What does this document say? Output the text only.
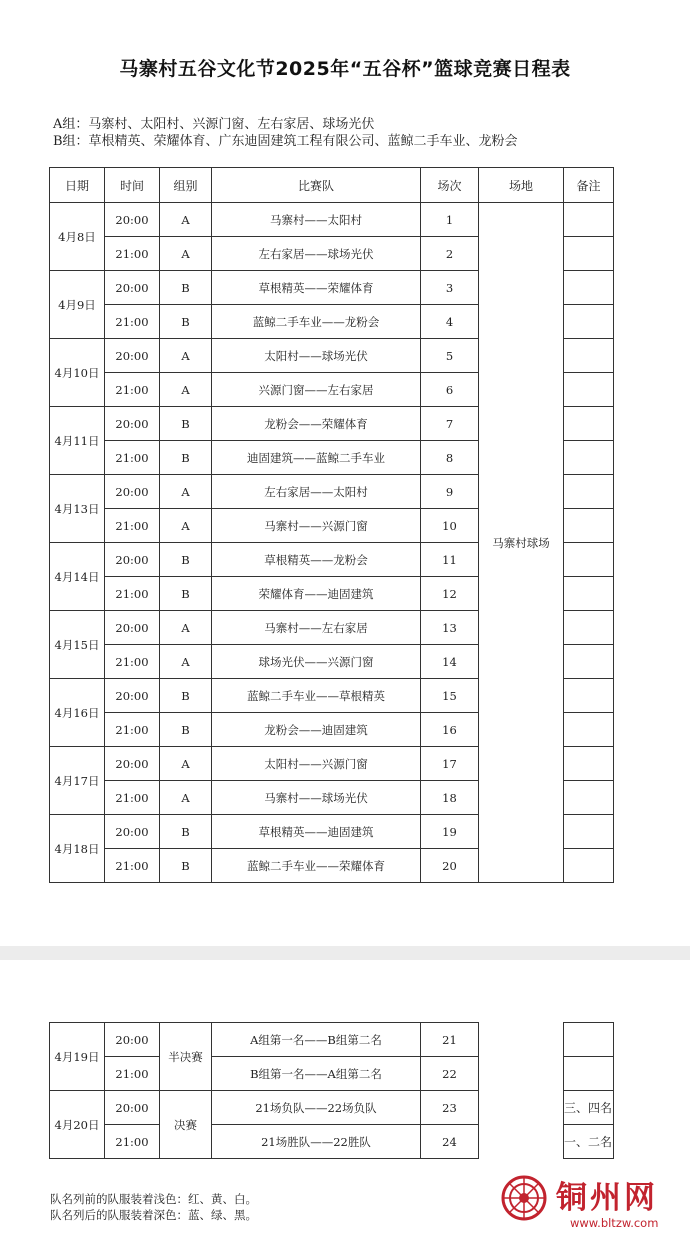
马寨村五谷文化节2025年“五谷杯”篮球竞赛日程表
A组：马寨村、太阳村、兴源门窗、左右家居、球场光伏
B组：草根精英、荣耀体育、广东迪固建筑工程有限公司、蓝鲸二手车业、龙粉会
日期	时间	组别	比赛队	场次	场地	备注
4月8日	20:00	A	马寨村——太阳村	1	马寨村球场	
	21:00	A	左右家居——球场光伏	2		
4月9日	20:00	B	草根精英——荣耀体育	3		
	21:00	B	蓝鲸二手车业——龙粉会	4		
4月10日	20:00	A	太阳村——球场光伏	5		
	21:00	A	兴源门窗——左右家居	6		
4月11日	20:00	B	龙粉会——荣耀体育	7		
	21:00	B	迪固建筑——蓝鲸二手车业	8		
4月13日	20:00	A	左右家居——太阳村	9		
	21:00	A	马寨村——兴源门窗	10		
4月14日	20:00	B	草根精英——龙粉会	11		
	21:00	B	荣耀体育——迪固建筑	12		
4月15日	20:00	A	马寨村——左右家居	13		
	21:00	A	球场光伏——兴源门窗	14		
4月16日	20:00	B	蓝鲸二手车业——草根精英	15		
	21:00	B	龙粉会——迪固建筑	16		
4月17日	20:00	A	太阳村——兴源门窗	17		
	21:00	A	马寨村——球场光伏	18		
4月18日	20:00	B	草根精英——迪固建筑	19		
	21:00	B	蓝鲸二手车业——荣耀体育	20		
4月19日	20:00	半决赛	A组第一名——B组第二名	21		
	21:00		B组第一名——A组第二名	22		
4月20日	20:00	决赛	21场负队——22场负队	23		三、四名
	21:00		21场胜队——22胜队	24		一、二名
队名列前的队服装着浅色：红、黄、白。
队名列后的队服装着深色：蓝、绿、黑。	铜州网
www.bltzw.com
